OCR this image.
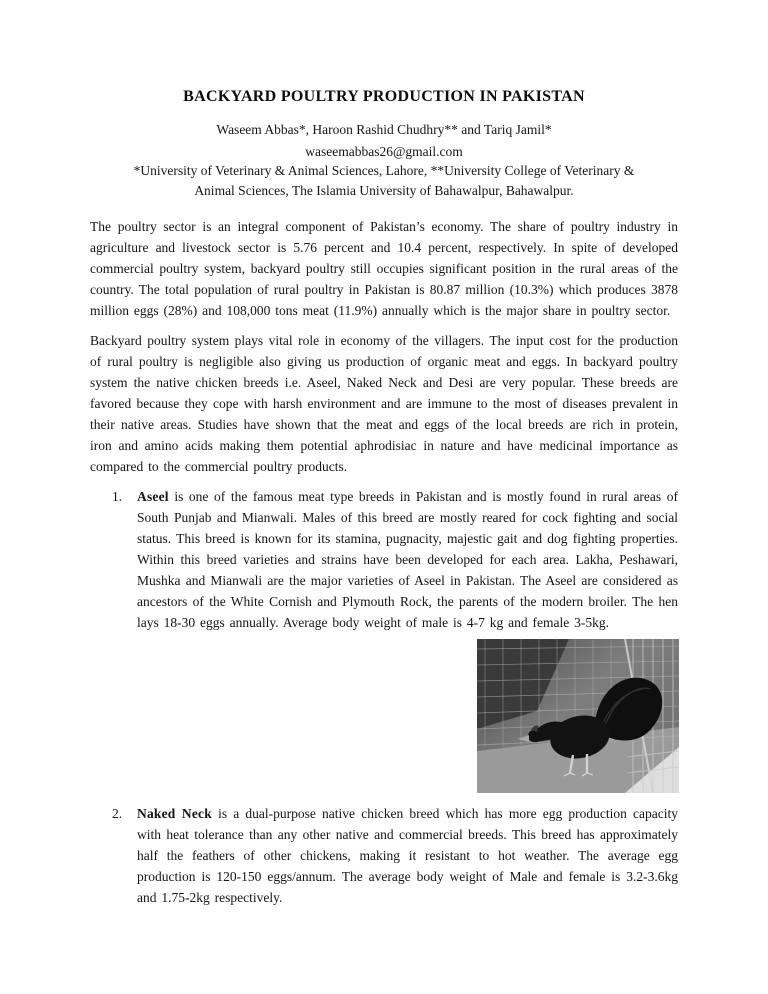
BACKYARD POULTRY PRODUCTION IN PAKISTAN
Waseem Abbas*, Haroon Rashid Chudhry** and Tariq Jamil*
waseemabbas26@gmail.com
*University of Veterinary & Animal Sciences, Lahore, **University College of Veterinary &
Animal Sciences, The Islamia University of Bahawalpur, Bahawalpur.

The poultry sector is an integral component of Pakistan’s economy. The share of poultry industry in agriculture and livestock sector is 5.76 percent and 10.4 percent, respectively. In spite of developed commercial poultry system, backyard poultry still occupies significant position in the rural areas of the country. The total population of rural poultry in Pakistan is 80.87 million (10.3%) which produces 3878 million eggs (28%) and 108,000 tons meat (11.9%) annually which is the major share in poultry sector.

Backyard poultry system plays vital role in economy of the villagers. The input cost for the production of rural poultry is negligible also giving us production of organic meat and eggs. In backyard poultry system the native chicken breeds i.e. Aseel, Naked Neck and Desi are very popular. These breeds are favored because they cope with harsh environment and are immune to the most of diseases prevalent in their native areas. Studies have shown that the meat and eggs of the local breeds are rich in protein, iron and amino acids making them potential aphrodisiac in nature and have medicinal importance as compared to the commercial poultry products.

1.	Aseel is one of the famous meat type breeds in Pakistan and is mostly found in rural areas of South Punjab and Mianwali. Males of this breed are mostly reared for cock fighting and social status. This breed is known for its stamina, pugnacity, majestic gait and dog fighting properties. Within this breed varieties and strains have been developed for each area. Lakha, Peshawari, Mushka and Mianwali are the major varieties of Aseel in Pakistan. The Aseel are considered as ancestors of the White Cornish and Plymouth Rock, the parents of the modern broiler. The hen lays 18-30 eggs annually. Average body weight of male is 4-7 kg and female 3-5kg.

2.	Naked Neck is a dual-purpose native chicken breed which has more egg production capacity with heat tolerance than any other native and commercial breeds. This breed has approximately half the feathers of other chickens, making it resistant to hot weather. The average egg production is 120-150 eggs/annum. The average body weight of Male and female is 3.2-3.6kg and 1.75-2kg respectively.
